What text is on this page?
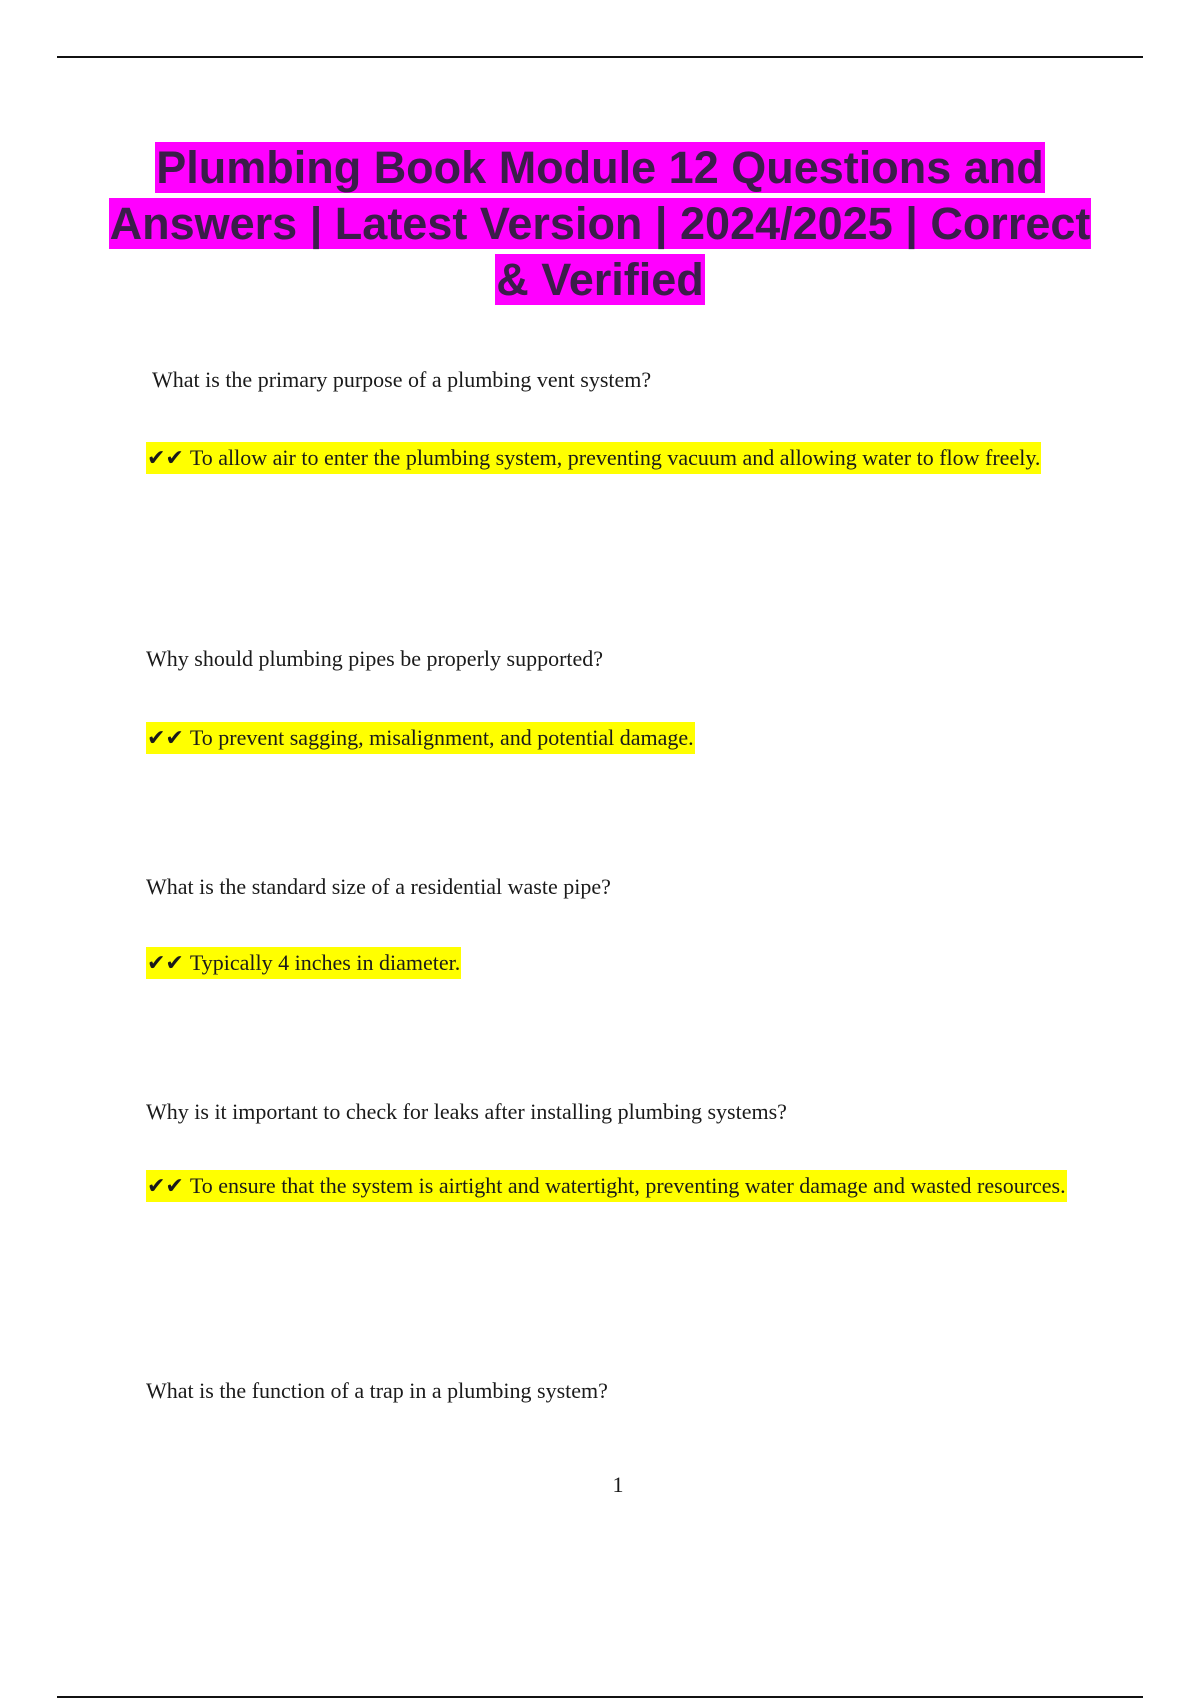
Plumbing Book Module 12 Questions and Answers | Latest Version | 2024/2025 | Correct & Verified
What is the primary purpose of a plumbing vent system?
✔✔ To allow air to enter the plumbing system, preventing vacuum and allowing water to flow freely.
Why should plumbing pipes be properly supported?
✔✔ To prevent sagging, misalignment, and potential damage.
What is the standard size of a residential waste pipe?
✔✔ Typically 4 inches in diameter.
Why is it important to check for leaks after installing plumbing systems?
✔✔ To ensure that the system is airtight and watertight, preventing water damage and wasted resources.
What is the function of a trap in a plumbing system?
1
